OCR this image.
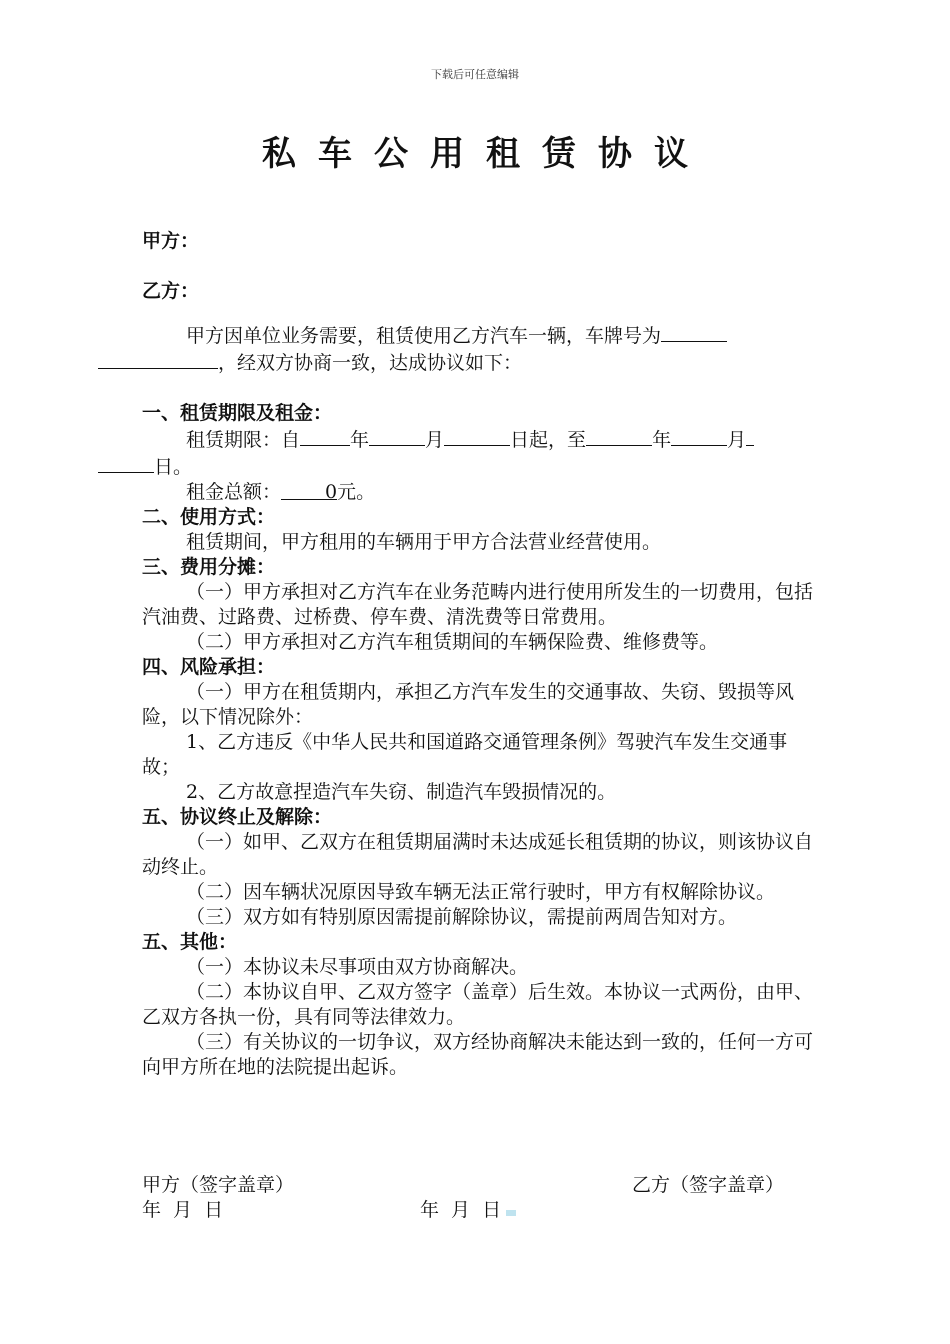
下载后可任意编辑
私车公用租赁协议
甲方：
乙方：

甲方因单位业务需要，租赁使用乙方汽车一辆，车牌号为
，经双方协商一致，达成协议如下：

一、租赁期限及租金：

租赁期限：自	年	月	日起，至	年	月
日。

租金总额： 0元。

二、使用方式：

租赁期间，甲方租用的车辆用于甲方合法营业经营使用。

三、费用分摊：

（一）甲方承担对乙方汽车在业务范畴内进行使用所发生的一切费用，包括汽油费、过路费、过桥费、停车费、清洗费等日常费用。

（二）甲方承担对乙方汽车租赁期间的车辆保险费、维修费等。

四、风险承担：

（一）甲方在租赁期内，承担乙方汽车发生的交通事故、失窃、毁损等风险，以下情况除外：

1、乙方违反《中华人民共和国道路交通管理条例》驾驶汽车发生交通事故；

2、乙方故意捏造汽车失窃、制造汽车毁损情况的。

五、协议终止及解除：

（一）如甲、乙双方在租赁期届满时未达成延长租赁期的协议，则该协议自动终止。

（二）因车辆状况原因导致车辆无法正常行驶时，甲方有权解除协议。

（三）双方如有特别原因需提前解除协议，需提前两周告知对方。

五、其他：

（一）本协议未尽事项由双方协商解决。

（二）本协议自甲、乙双方签字（盖章）后生效。本协议一式两份，由甲、乙双方各执一份，具有同等法律效力。

（三）有关协议的一切争议，双方经协商解决未能达到一致的，任何一方可向甲方所在地的法院提出起诉。

甲方（签字盖章）	乙方（签字盖章）
年 月 日	年 月 日
